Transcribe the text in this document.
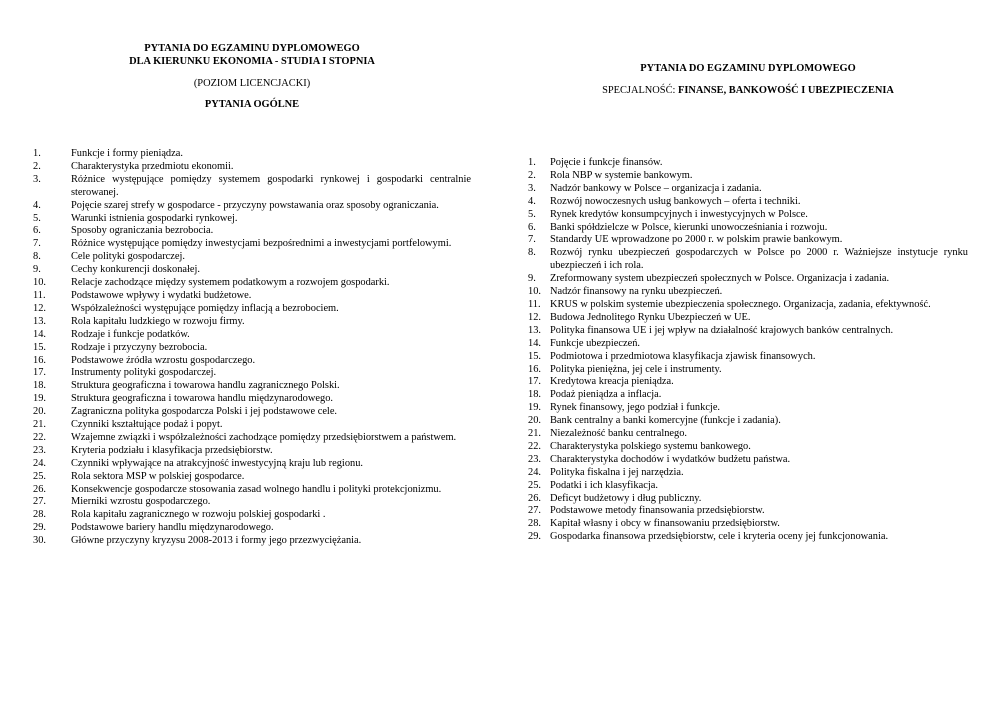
PYTANIA DO EGZAMINU DYPLOMOWEGO
DLA KIERUNKU EKONOMIA - STUDIA I STOPNIA
(POZIOM LICENCJACKI)
PYTANIA OGÓLNE
1.	Funkcje i formy pieniądza.
2.	Charakterystyka przedmiotu ekonomii.
3.	Różnice występujące pomiędzy systemem gospodarki rynkowej i gospodarki centralnie sterowanej.
4.	Pojęcie szarej strefy w gospodarce - przyczyny powstawania oraz sposoby ograniczania.
5.	Warunki istnienia gospodarki rynkowej.
6.	Sposoby ograniczania bezrobocia.
7.	Różnice występujące pomiędzy inwestycjami bezpośrednimi a inwestycjami portfelowymi.
8.	Cele polityki gospodarczej.
9.	Cechy konkurencji doskonałej.
10. Relacje zachodzące między systemem podatkowym a rozwojem gospodarki.
11. Podstawowe wpływy i wydatki budżetowe.
12. Współzależności występujące pomiędzy inflacją a bezrobociem.
13. Rola kapitału ludzkiego w rozwoju firmy.
14. Rodzaje i funkcje podatków.
15. Rodzaje i przyczyny bezrobocia.
16. Podstawowe źródła wzrostu gospodarczego.
17. Instrumenty polityki gospodarczej.
18. Struktura geograficzna i towarowa handlu zagranicznego Polski.
19. Struktura geograficzna i towarowa handlu międzynarodowego.
20. Zagraniczna polityka gospodarcza Polski i jej podstawowe cele.
21. Czynniki kształtujące podaż i popyt.
22. Wzajemne związki i współzależności zachodzące pomiędzy przedsiębiorstwem a państwem.
23. Kryteria podziału i klasyfikacja przedsiębiorstw.
24. Czynniki wpływające na atrakcyjność inwestycyjną kraju lub regionu.
25. Rola sektora MSP w polskiej gospodarce.
26. Konsekwencje gospodarcze stosowania zasad wolnego handlu i polityki protekcjonizmu.
27. Mierniki wzrostu gospodarczego.
28. Rola kapitału zagranicznego w rozwoju polskiej gospodarki .
29. Podstawowe bariery handlu międzynarodowego.
30. Główne przyczyny kryzysu 2008-2013 i formy jego przezwyciężania.
PYTANIA DO EGZAMINU DYPLOMOWEGO
SPECJALNOŚĆ: FINANSE, BANKOWOŚĆ I UBEZPIECZENIA
1. Pojęcie i funkcje finansów.
2. Rola NBP w systemie bankowym.
3. Nadzór bankowy w Polsce – organizacja i zadania.
4. Rozwój nowoczesnych usług bankowych – oferta i techniki.
5. Rynek kredytów konsumpcyjnych i inwestycyjnych w Polsce.
6. Banki spółdzielcze w Polsce, kierunki unowocześniania i rozwoju.
7. Standardy UE wprowadzone po 2000 r. w polskim prawie bankowym.
8. Rozwój rynku ubezpieczeń gospodarczych w Polsce po 2000 r. Ważniejsze instytucje rynku ubezpieczeń i ich rola.
9. Zreformowany system ubezpieczeń społecznych w Polsce. Organizacja i zadania.
10. Nadzór finansowy na rynku ubezpieczeń.
11. KRUS w polskim systemie ubezpieczenia społecznego. Organizacja, zadania, efektywność.
12. Budowa Jednolitego Rynku Ubezpieczeń w UE.
13. Polityka finansowa UE i jej wpływ na działalność krajowych banków centralnych.
14. Funkcje ubezpieczeń.
15. Podmiotowa i przedmiotowa klasyfikacja zjawisk finansowych.
16. Polityka pieniężna, jej cele i instrumenty.
17. Kredytowa kreacja pieniądza.
18. Podaż pieniądza a inflacja.
19. Rynek finansowy, jego podział i funkcje.
20. Bank centralny a banki komercyjne (funkcje i zadania).
21. Niezależność banku centralnego.
22. Charakterystyka polskiego systemu bankowego.
23. Charakterystyka dochodów i wydatków budżetu państwa.
24. Polityka fiskalna i jej narzędzia.
25. Podatki i ich klasyfikacja.
26. Deficyt budżetowy i dług publiczny.
27. Podstawowe metody finansowania przedsiębiorstw.
28. Kapitał własny i obcy w finansowaniu przedsiębiorstw.
29. Gospodarka finansowa przedsiębiorstw, cele i kryteria oceny jej funkcjonowania.
